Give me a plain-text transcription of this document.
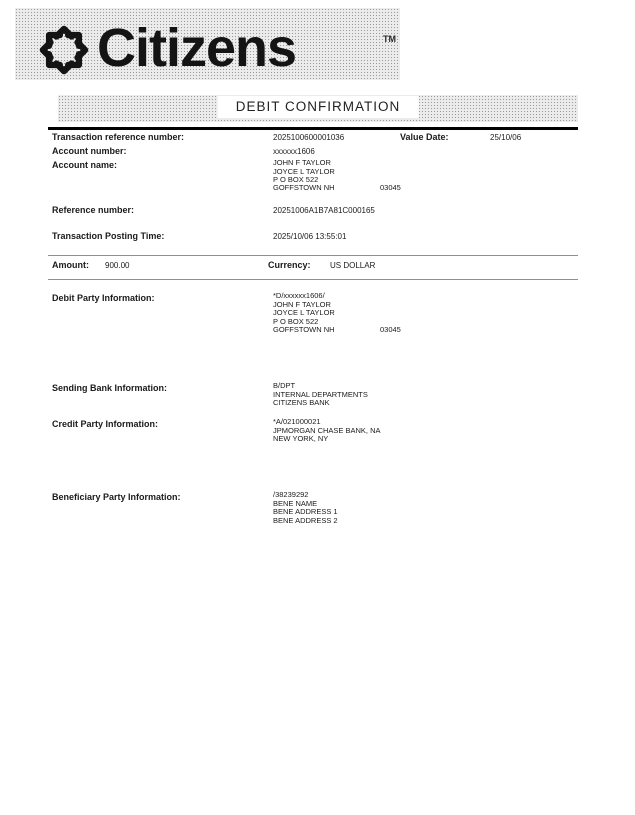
Citizens	TM
DEBIT CONFIRMATION
Transaction reference number:	2025100600001036	Value Date:	25/10/06
Account number:	xxxxxx1606
Account name:	JOHN F TAYLOR
JOYCE L TAYLOR
P O BOX 522
GOFFSTOWN NH	03045
Reference number:	20251006A1B7A81C000165
Transaction Posting Time:	2025/10/06 13:55:01
Amount: 900.00	Currency: US DOLLAR
Debit Party Information:	*D/xxxxxx1606/
JOHN F TAYLOR
JOYCE L TAYLOR
P O BOX 522
GOFFSTOWN NH	03045
Sending Bank Information:	B/DPT
INTERNAL DEPARTMENTS
CITIZENS BANK
Credit Party Information:	*A/021000021
JPMORGAN CHASE BANK, NA
NEW YORK, NY
Beneficiary Party Information:	/38239292
BENE NAME
BENE ADDRESS 1
BENE ADDRESS 2
